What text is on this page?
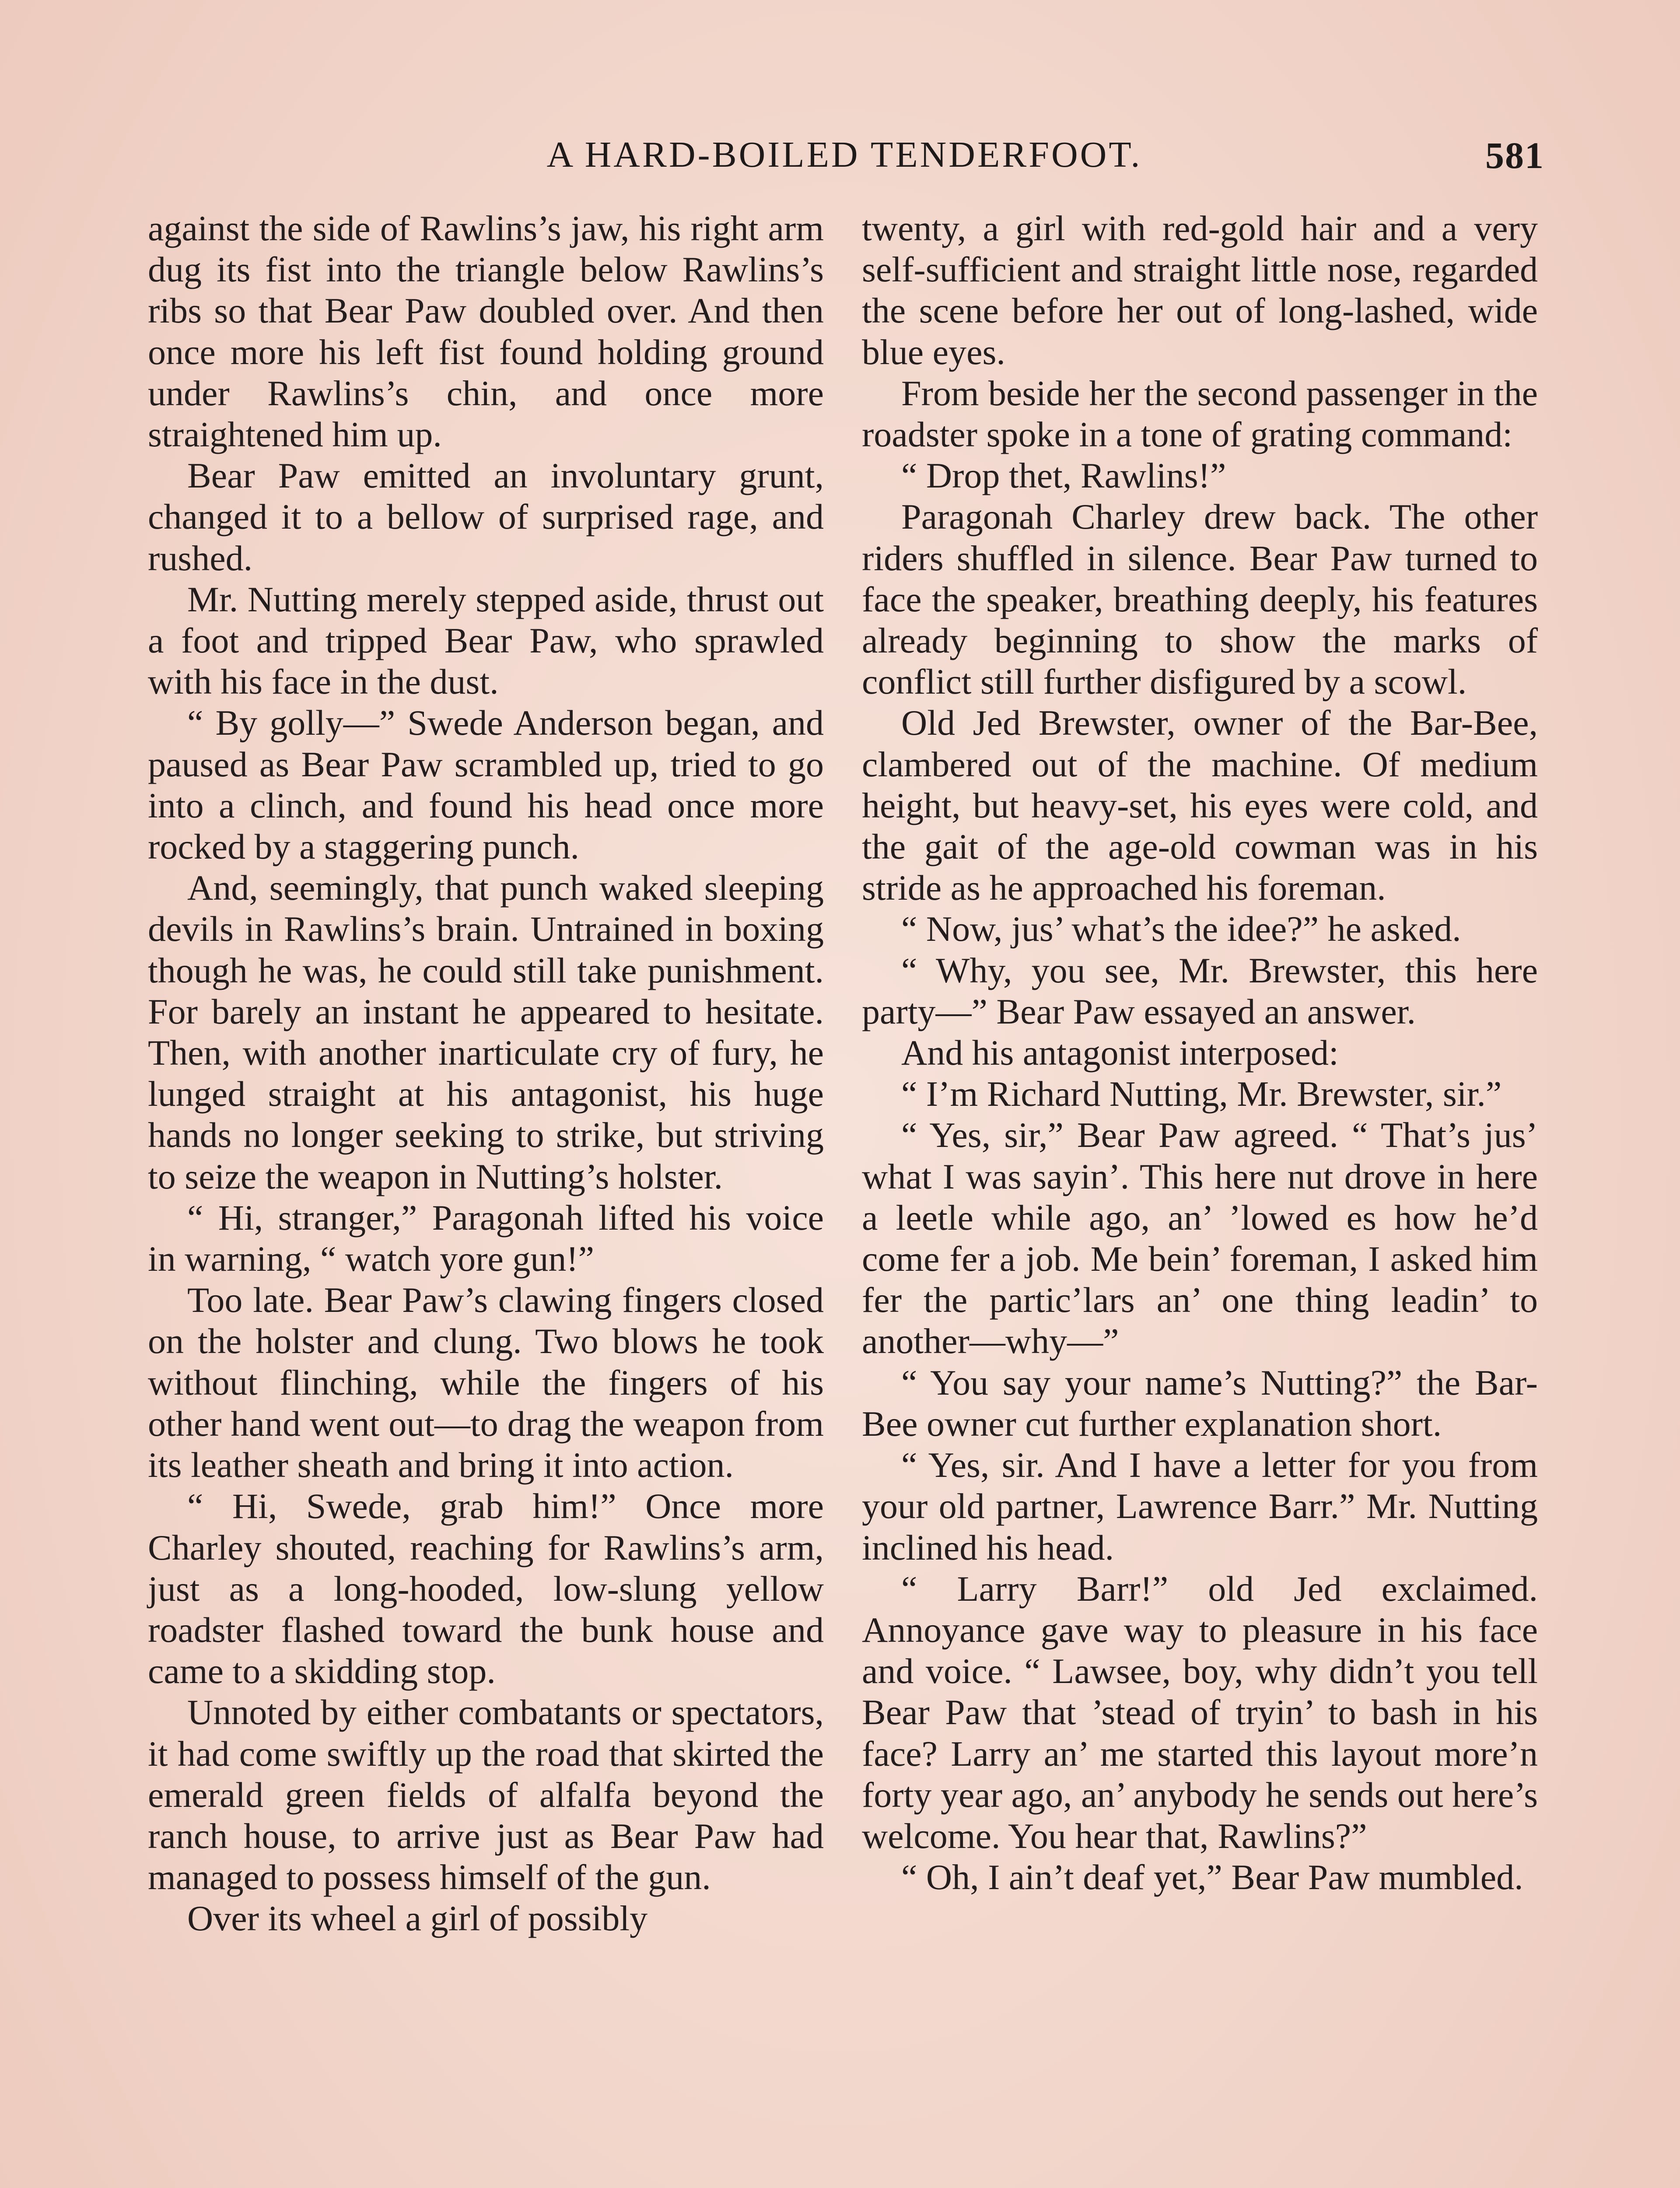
A HARD-BOILED TENDERFOOT.	581

against the side of Rawlins’s jaw, his right arm dug its fist into the triangle below Rawlins’s ribs so that Bear Paw doubled over. And then once more his left fist found holding ground under Rawlins’s chin, and once more straightened him up.

Bear Paw emitted an involuntary grunt, changed it to a bellow of surprised rage, and rushed.

Mr. Nutting merely stepped aside, thrust out a foot and tripped Bear Paw, who sprawled with his face in the dust.

“ By golly—” Swede Anderson began, and paused as Bear Paw scrambled up, tried to go into a clinch, and found his head once more rocked by a staggering punch.

And, seemingly, that punch waked sleeping devils in Rawlins’s brain. Untrained in boxing though he was, he could still take punishment. For barely an instant he appeared to hesitate. Then, with another inarticulate cry of fury, he lunged straight at his antagonist, his huge hands no longer seeking to strike, but striving to seize the weapon in Nutting’s holster.

“ Hi, stranger,” Paragonah lifted his voice in warning, “ watch yore gun!”

Too late. Bear Paw’s clawing fingers closed on the holster and clung. Two blows he took without flinching, while the fingers of his other hand went out—to drag the weapon from its leather sheath and bring it into action.

“ Hi, Swede, grab him!” Once more Charley shouted, reaching for Rawlins’s arm, just as a long-hooded, low-slung yellow roadster flashed toward the bunk house and came to a skidding stop.

Unnoted by either combatants or spectators, it had come swiftly up the road that skirted the emerald green fields of alfalfa beyond the ranch house, to arrive just as Bear Paw had managed to possess himself of the gun.

Over its wheel a girl of possibly

twenty, a girl with red-gold hair and a very self-sufficient and straight little nose, regarded the scene before her out of long-lashed, wide blue eyes.

From beside her the second passenger in the roadster spoke in a tone of grating command:

“ Drop thet, Rawlins!”

Paragonah Charley drew back. The other riders shuffled in silence. Bear Paw turned to face the speaker, breathing deeply, his features already beginning to show the marks of conflict still further disfigured by a scowl.

Old Jed Brewster, owner of the Bar-Bee, clambered out of the machine. Of medium height, but heavy-set, his eyes were cold, and the gait of the age-old cowman was in his stride as he approached his foreman.

“ Now, jus’ what’s the idee?” he asked.

“ Why, you see, Mr. Brewster, this here party—” Bear Paw essayed an answer.

And his antagonist interposed:

“ I’m Richard Nutting, Mr. Brewster, sir.”

“ Yes, sir,” Bear Paw agreed. “ That’s jus’ what I was sayin’. This here nut drove in here a leetle while ago, an’ ’lowed es how he’d come fer a job. Me bein’ foreman, I asked him fer the partic’lars an’ one thing leadin’ to another—why—”

“ You say your name’s Nutting?” the Bar-Bee owner cut further explanation short.

“ Yes, sir. And I have a letter for you from your old partner, Lawrence Barr.” Mr. Nutting inclined his head.

“ Larry Barr!” old Jed exclaimed. Annoyance gave way to pleasure in his face and voice. “ Lawsee, boy, why didn’t you tell Bear Paw that ’stead of tryin’ to bash in his face? Larry an’ me started this layout more’n forty year ago, an’ anybody he sends out here’s welcome. You hear that, Rawlins?”

“ Oh, I ain’t deaf yet,” Bear Paw mumbled.
